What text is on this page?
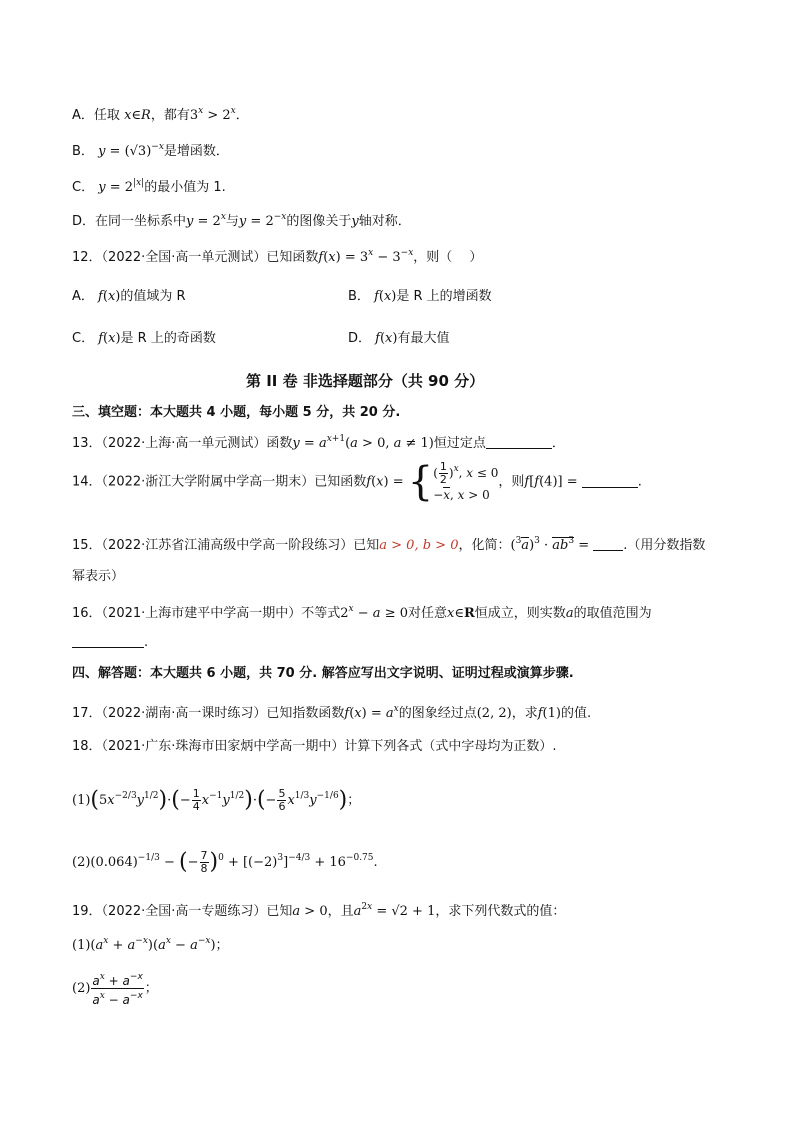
A．任取 x∈R，都有$3^x > 2^x$．
B． $y = (√3)^{-x}$是增函数．
C． $y = 2^{|x|}$的最小值为 1.
D．在同一坐标系中$y = 2^x$与$y = 2^{-x}$的图像关于y轴对称．
12．（2022·全国·高一单元测试）已知函数$f(x) = 3^x - 3^{-x}$，则（　 ）
A． f(x)的值域为 R	B． f(x)是 R 上的增函数
C． f(x)是 R 上的奇函数	D． f(x)有最大值
第 II 卷 非选择题部分（共 90 分）
三、填空题：本大题共 4 小题，每小题 5 分，共 20 分.
13．（2022·上海·高一单元测试）函数$y = a^{x+1}(a > 0$, a ≠ 1)恒过定点	．
14．（2022·浙江大学附属中学高一期末）已知函数f(x) = {( $\frac{1}{2} )^x$, x ≤ 0
−x, x > 0，则f[f(4)] =	.
15．（2022·江苏省江浦高级中学高一阶段练习）已知a > 0, b > 0，化简：$(^3a)^3 \cdot ab^3$ = .（用分数指数
幂表示）
16．（2021·上海市建平中学高一期中）不等式$2^x - a \ge 0$对任意x∈R恒成立，则实数a的取值范围为
.
四、解答题：本大题共 6 小题，共 70 分. 解答应写出文字说明、证明过程或演算步骤.
17．（2022·湖南·高一课时练习）已知指数函数$f(x) = a^x$的图象经过点(2, 2)，求f(1)的值.
18．（2021·广东·珠海市田家炳中学高一期中）计算下列各式（式中字母均为正数）.
$(1)(5x^{-2/3}y^{1/2})\cdot(- \frac{1}{4} x^{-1}y^{1/2})\cdot(- \frac{5}{6} x^{1/3}y^{-1/6})$；
$(2)(0.064)^{-1/3}$ − (− $\frac{7}{8} )^0 + [(-2)^3]^{-4/3} + 16^{-0.75}$.
19．（2022·全国·高一专题练习）已知a > 0，且$a^{2x} = √2 + 1$，求下列代数式的值：
$(1)(a^x + a^{-x})(a^x - a^{-x})$；
$(2) \frac{a^x + a^{-x}}{a^x - a^{-x}}$ ；
